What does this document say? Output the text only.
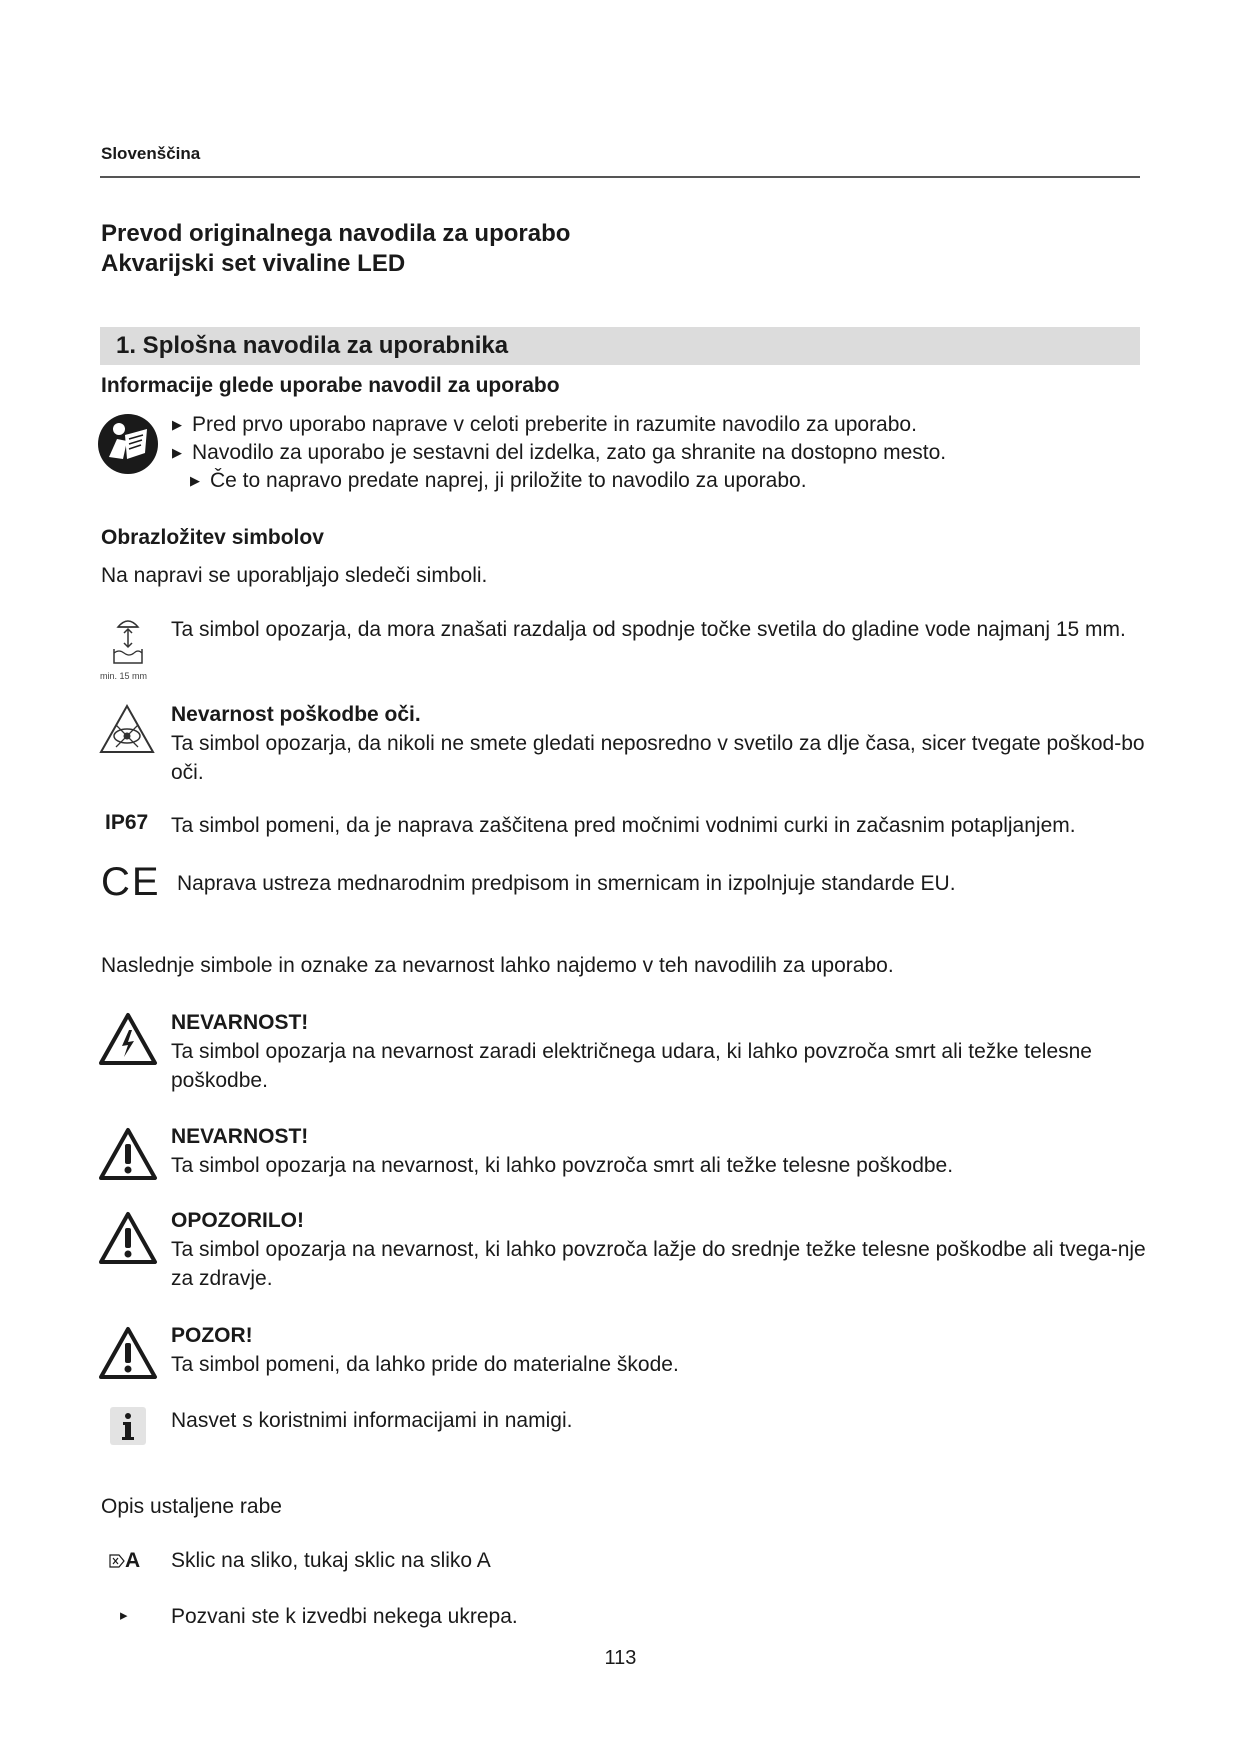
Slovenščina
Prevod originalnega navodila za uporabo
Akvarijski set vivaline LED
1. Splošna navodila za uporabnika
Informacije glede uporabe navodil za uporabo
▶ Pred prvo uporabo naprave v celoti preberite in razumite navodilo za uporabo.
▶ Navodilo za uporabo je sestavni del izdelka, zato ga shranite na dostopno mesto.
▶ Če to napravo predate naprej, ji priložite to navodilo za uporabo.
Obrazložitev simbolov
Na napravi se uporabljajo sledeči simboli.
min. 15 mm
Ta simbol opozarja, da mora znašati razdalja od spodnje točke svetila do gladine vode najmanj 15 mm.
Nevarnost poškodbe oči.
Ta simbol opozarja, da nikoli ne smete gledati neposredno v svetilo za dlje časa, sicer tvegate poškod-bo oči.
IP67 Ta simbol pomeni, da je naprava zaščitena pred močnimi vodnimi curki in začasnim potapljanjem.
CE Naprava ustreza mednarodnim predpisom in smernicam in izpolnjuje standarde EU.
Naslednje simbole in oznake za nevarnost lahko najdemo v teh navodilih za uporabo.
NEVARNOST!
Ta simbol opozarja na nevarnost zaradi električnega udara, ki lahko povzroča smrt ali težke telesne poškodbe.
NEVARNOST!
Ta simbol opozarja na nevarnost, ki lahko povzroča smrt ali težke telesne poškodbe.
OPOZORILO!
Ta simbol opozarja na nevarnost, ki lahko povzroča lažje do srednje težke telesne poškodbe ali tvega-nje za zdravje.
POZOR!
Ta simbol pomeni, da lahko pride do materialne škode.
Nasvet s koristnimi informacijami in namigi.
Opis ustaljene rabe
A Sklic na sliko, tukaj sklic na sliko A
▸ Pozvani ste k izvedbi nekega ukrepa.
113
